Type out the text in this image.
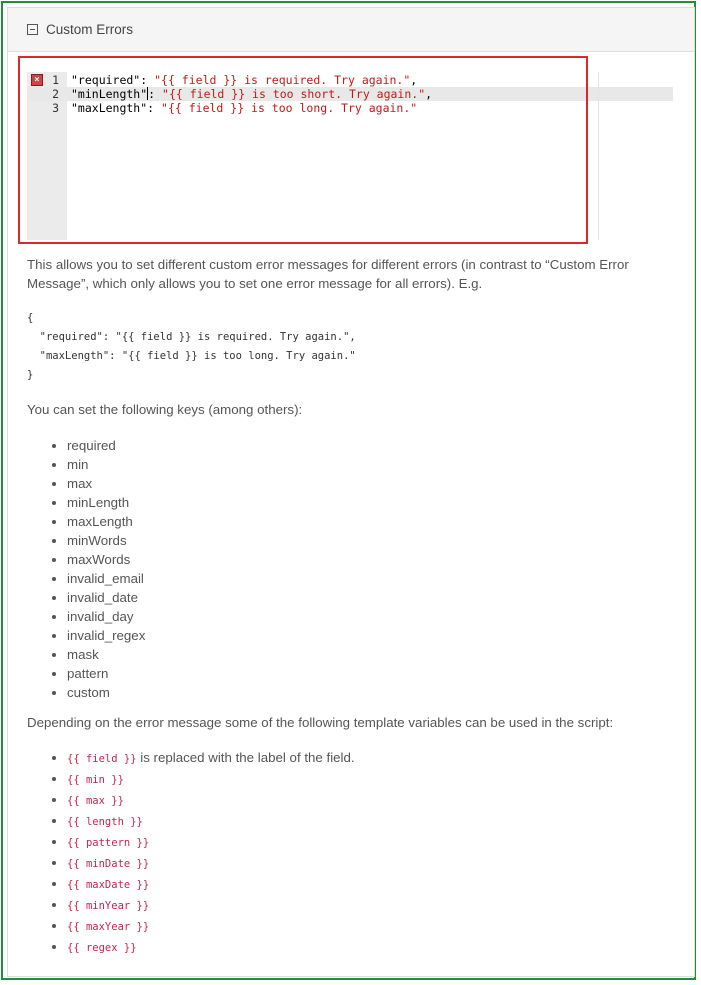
Custom Errors
×	1 "required": "{{ field }} is required. Try again.",
2 "minLength": "{{ field }} is too short. Try again.",
3 "maxLength": "{{ field }} is too long. Try again."

This allows you to set different custom error messages for different errors (in contrast to “Custom Error Message”, which only allows you to set one error message for all errors). E.g.

{
"required": "{{ field }} is required. Try again.",
"maxLength": "{{ field }} is too long. Try again."
}

You can set the following keys (among others):

• required
• min
• max
• minLength
• maxLength
• minWords
• maxWords
• invalid_email
• invalid_date
• invalid_day
• invalid_regex
• mask
• pattern
• custom

Depending on the error message some of the following template variables can be used in the script:

• {{ field }} is replaced with the label of the field.
• {{ min }}
• {{ max }}
• {{ length }}
• {{ pattern }}
• {{ minDate }}
• {{ maxDate }}
• {{ minYear }}
• {{ maxYear }}
• {{ regex }}
